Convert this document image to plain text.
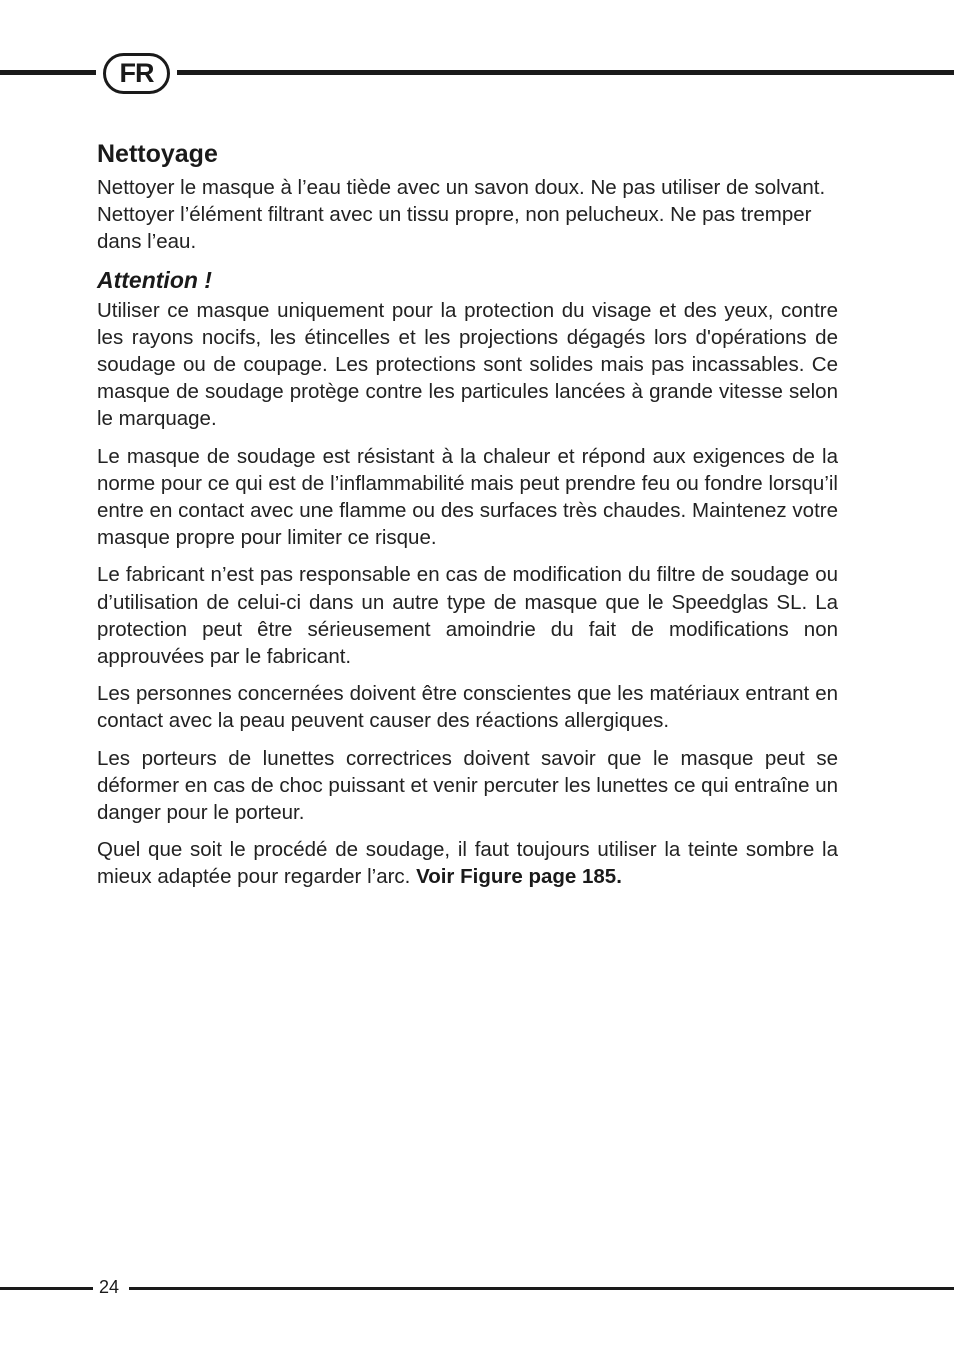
FR
Nettoyage

Nettoyer le masque à l’eau tiède avec un savon doux. Ne pas utiliser de solvant. Nettoyer l’élément filtrant avec un tissu propre, non pelucheux. Ne pas tremper dans l’eau.

Attention !

Utiliser ce masque uniquement pour la protection du visage et des yeux, contre les rayons nocifs, les étincelles et les projections dégagés lors d'opérations de soudage ou de coupage. Les protections sont solides mais pas incassables. Ce masque de soudage protège contre les particules lancées à grande vitesse selon le marquage.

Le masque de soudage est résistant à la chaleur et répond aux exigences de la norme pour ce qui est de l’inflammabilité mais peut prendre feu ou fondre lorsqu’il entre en contact avec une flamme ou des surfaces très chaudes. Maintenez votre masque propre pour limiter ce risque.

Le fabricant n’est pas responsable en cas de modification du filtre de soudage ou d’utilisation de celui-ci dans un autre type de masque que le Speedglas SL. La protection peut être sérieusement amoindrie du fait de modifications non approuvées par le fabricant.

Les personnes concernées doivent être conscientes que les matériaux entrant en contact avec la peau peuvent causer des réactions allergiques.

Les porteurs de lunettes correctrices doivent savoir que le masque peut se déformer en cas de choc puissant et venir percuter les lunettes ce qui entraîne un danger pour le porteur.

Quel que soit le procédé de soudage, il faut toujours utiliser la teinte sombre la mieux adaptée pour regarder l’arc. Voir Figure page 185.

24
